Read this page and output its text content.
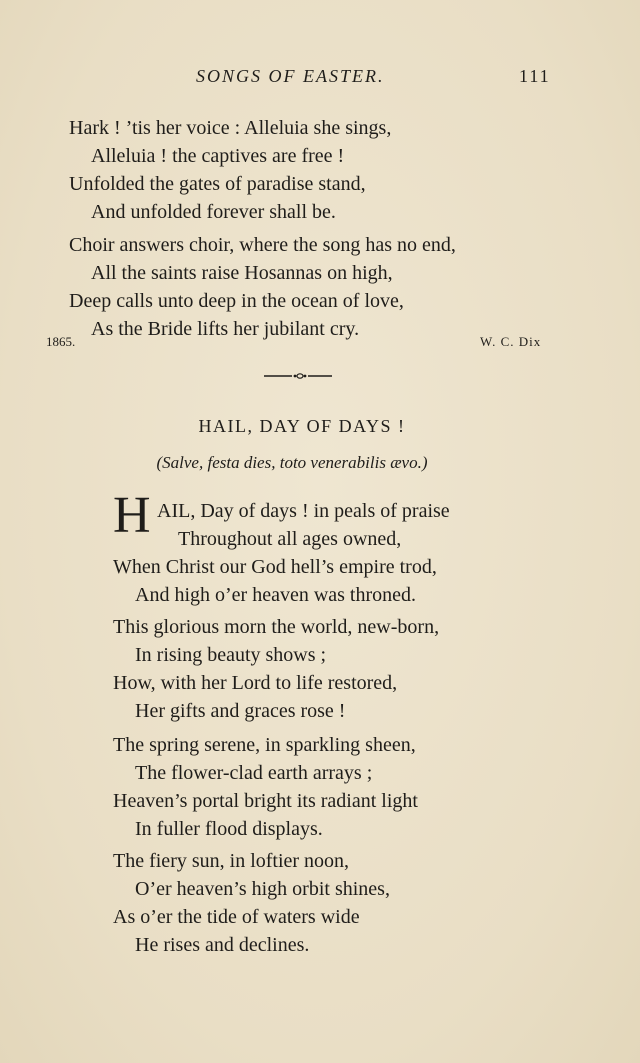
SONGS OF EASTER.	111
Hark ! ’tis her voice : Alleluia she sings,
Alleluia ! the captives are free !
Unfolded the gates of paradise stand,
And unfolded forever shall be.
Choir answers choir, where the song has no end,
All the saints raise Hosannas on high,
Deep calls unto deep in the ocean of love,
As the Bride lifts her jubilant cry.
1865.	W. C. Dix
HAIL, DAY OF DAYS !
(Salve, festa dies, toto venerabilis ævo.)
H AIL, Day of days ! in peals of praise
Throughout all ages owned,
When Christ our God hell’s empire trod,
And high o’er heaven was throned.
This glorious morn the world, new-born,
In rising beauty shows ;
How, with her Lord to life restored,
Her gifts and graces rose !
The spring serene, in sparkling sheen,
The flower-clad earth arrays ;
Heaven’s portal bright its radiant light
In fuller flood displays.
The fiery sun, in loftier noon,
O’er heaven’s high orbit shines,
As o’er the tide of waters wide
He rises and declines.
